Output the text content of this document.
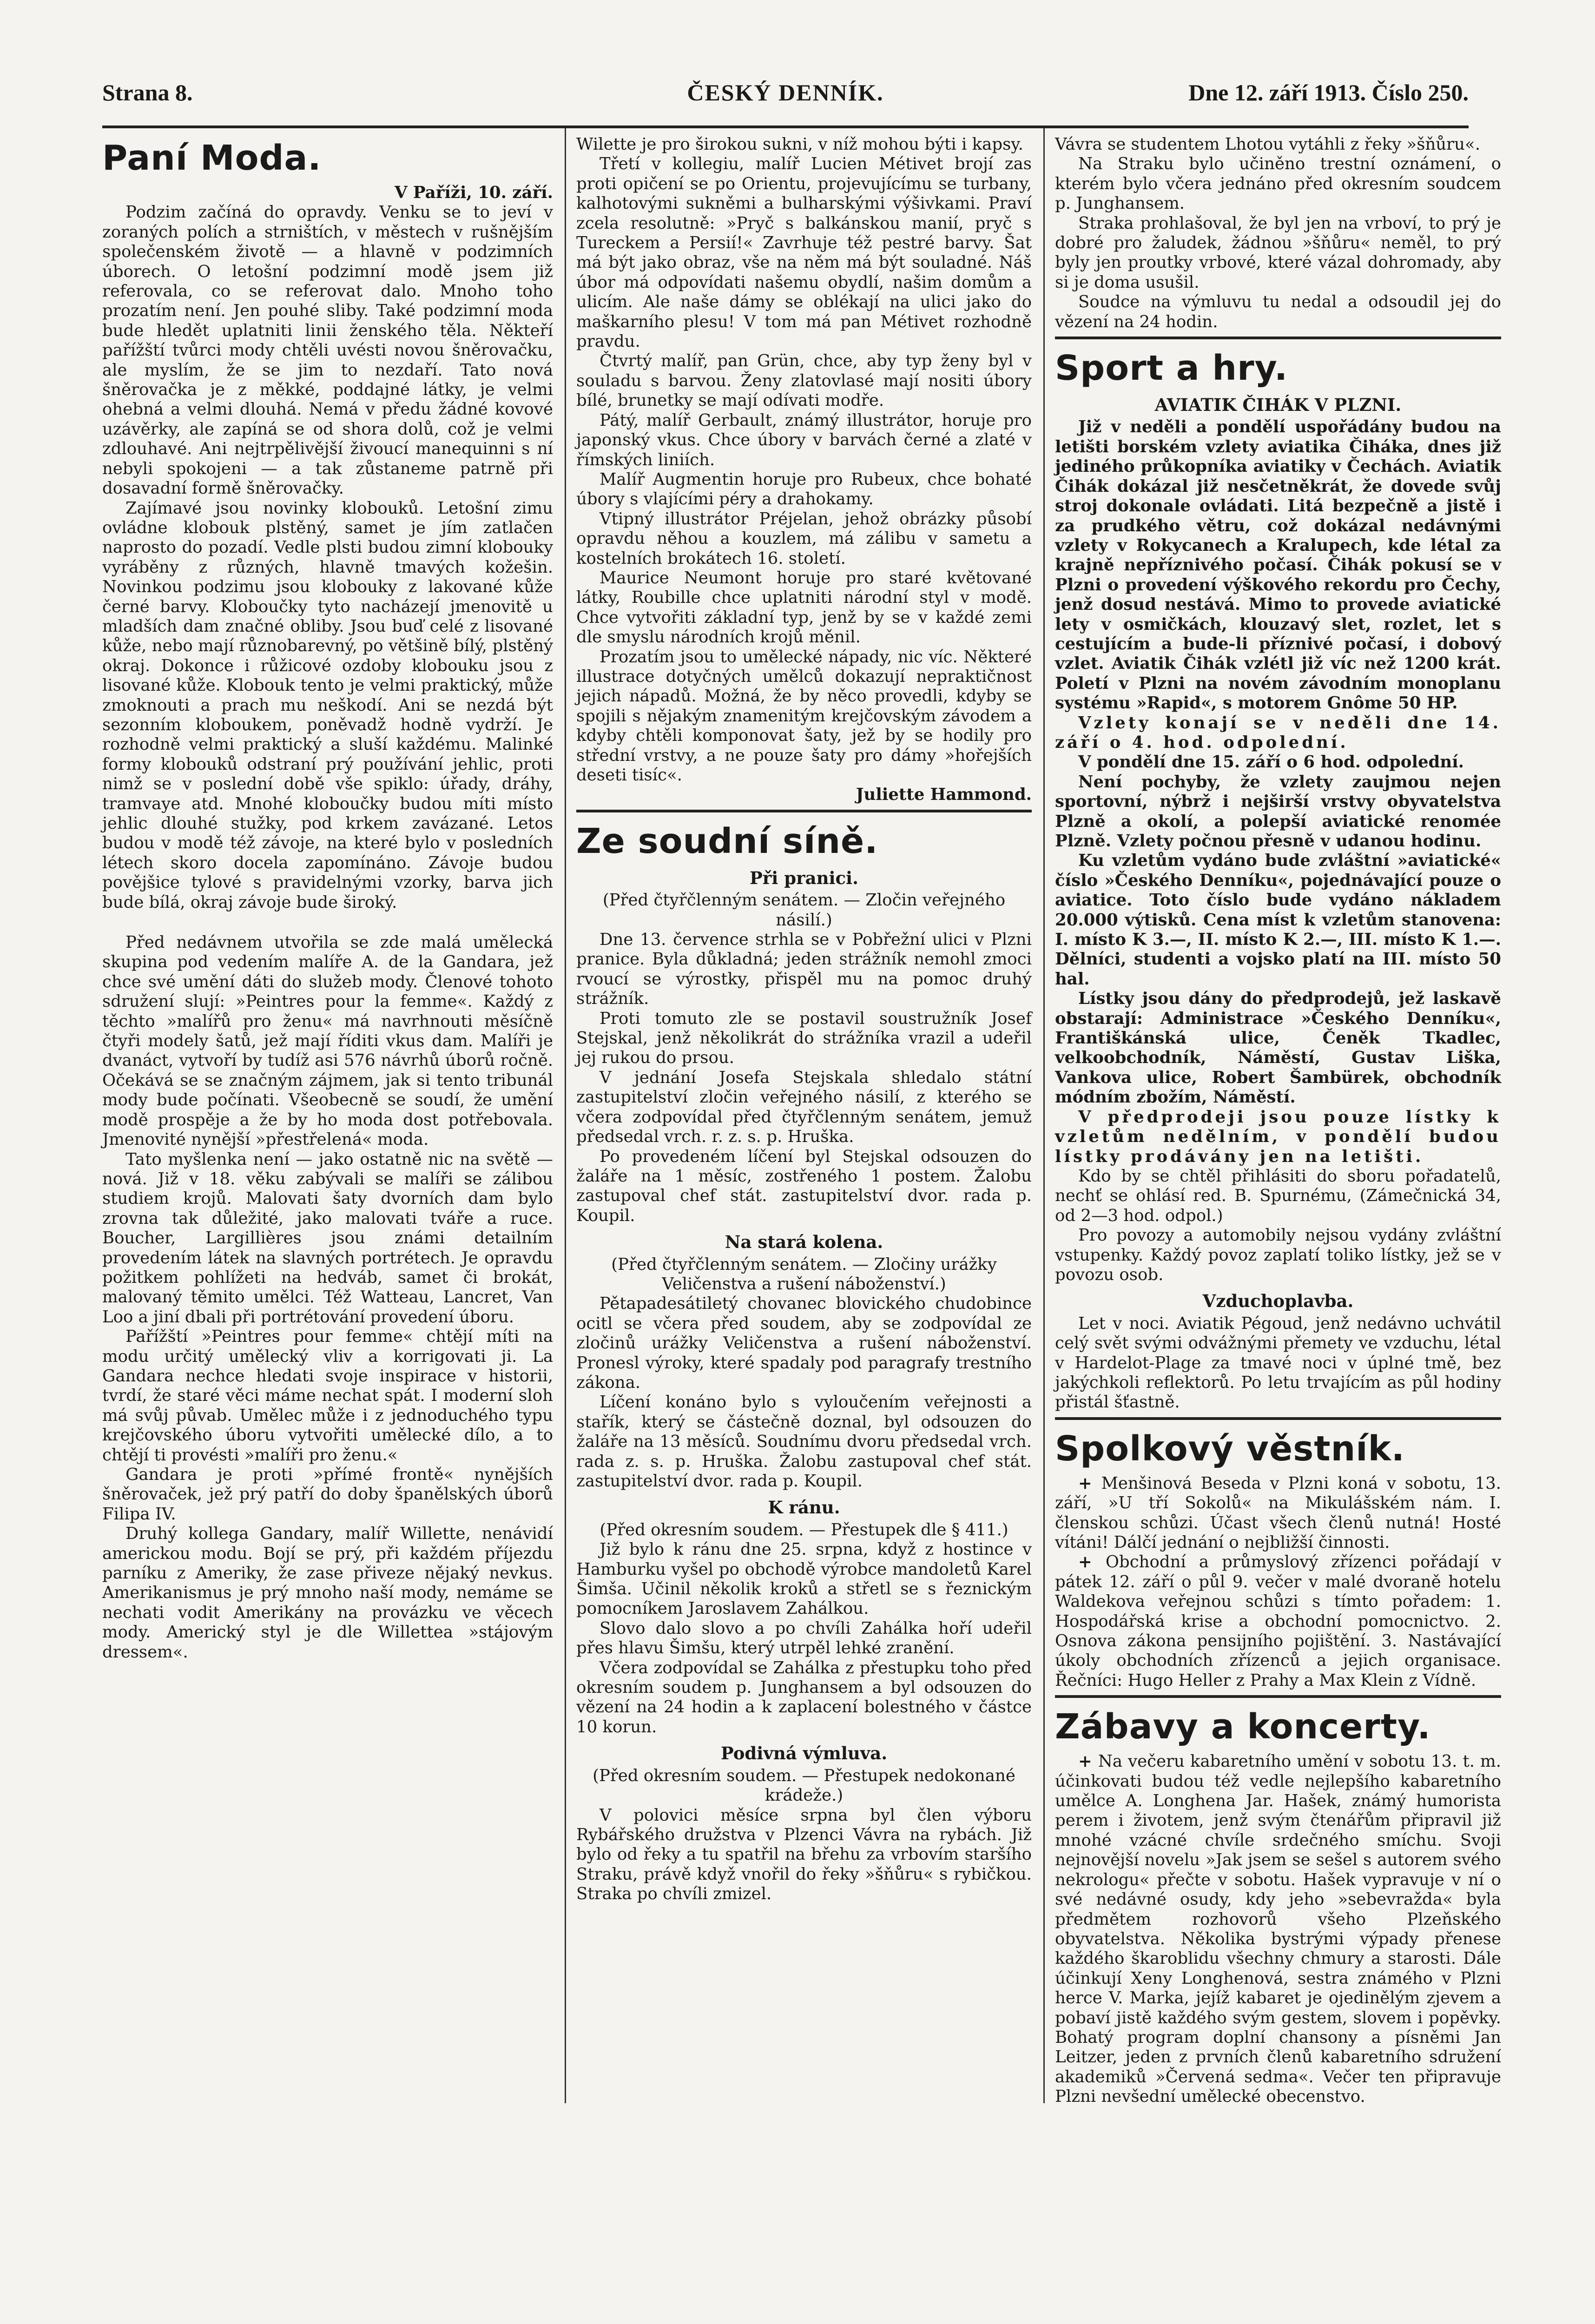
Strana 8.	ČESKÝ DENNÍK.	Dne 12. září 1913. Číslo 250.
Paní Moda.

V Paříži, 10. září.

Podzim začíná do opravdy. Venku se to jeví v zoraných polích a strništích, v městech v rušnějším společenském životě — a hlavně v podzimních úborech. O letošní podzimní modě jsem již referovala, co se referovat dalo. Mnoho toho prozatím není. Jen pouhé sliby. Také podzimní moda bude hledět uplatniti linii ženského těla. Někteří pařížští tvůrci mody chtěli uvésti novou šněrovačku, ale myslím, že se jim to nezdaří. Tato nová šněrovačka je z měkké, poddajné látky, je velmi ohebná a velmi dlouhá. Nemá v předu žádné kovové uzávěrky, ale zapíná se od shora dolů, což je velmi zdlouhavé. Ani nejtrpělivější živoucí manequinni s ní nebyli spokojeni — a tak zůstaneme patrně při dosavadní formě šněrovačky.

Zajímavé jsou novinky klobouků. Letošní zimu ovládne klobouk plstěný, samet je jím zatlačen naprosto do pozadí. Vedle plsti budou zimní klobouky vyráběny z různých, hlavně tmavých kožešin. Novinkou podzimu jsou klobouky z lakované kůže černé barvy. Kloboučky tyto nacházejí jmenovitě u mladších dam značné obliby. Jsou buď celé z lisované kůže, nebo mají různobarevný, po většině bílý, plstěný okraj. Dokonce i růžicové ozdoby klobouku jsou z lisované kůže. Klobouk tento je velmi praktický, může zmoknouti a prach mu neškodí. Ani se nezdá být sezonním kloboukem, poněvadž hodně vydrží. Je rozhodně velmi praktický a sluší každému. Malinké formy klobouků odstraní prý používání jehlic, proti nimž se v poslední době vše spiklo: úřady, dráhy, tramvaye atd. Mnohé kloboučky budou míti místo jehlic dlouhé stužky, pod krkem zavázané. Letos budou v modě též závoje, na které bylo v posledních létech skoro docela zapomínáno. Závoje budou povějšice tylové s pravidelnými vzorky, barva jich bude bílá, okraj závoje bude široký.

Před nedávnem utvořila se zde malá umělecká skupina pod vedením malíře A. de la Gandara, jež chce své umění dáti do služeb mody. Členové tohoto sdružení slují: »Peintres pour la femme«. Každý z těchto »malířů pro ženu« má navrhnouti měsíčně čtyři modely šatů, jež mají říditi vkus dam. Malíři je dvanáct, vytvoří by tudíž asi 576 návrhů úborů ročně. Očekává se se značným zájmem, jak si tento tribunál mody bude počínati. Všeobecně se soudí, že umění modě prospěje a že by ho moda dost potřebovala. Jmenovité nynější »přestřelená« moda.

Tato myšlenka není — jako ostatně nic na světě — nová. Již v 18. věku zabývali se malíři se zálibou studiem krojů. Malovati šaty dvorních dam bylo zrovna tak důležité, jako malovati tváře a ruce. Boucher, Largillières jsou známi detailním provedením látek na slavných portrétech. Je opravdu požitkem pohlížeti na hedváb, samet či brokát, malovaný těmito umělci. Též Watteau, Lancret, Van Loo a jiní dbali při portrétování provedení úboru.

Pařížští »Peintres pour femme« chtějí míti na modu určitý umělecký vliv a korrigovati ji. La Gandara nechce hledati svoje inspirace v historii, tvrdí, že staré věci máme nechat spát. I moderní sloh má svůj půvab. Umělec může i z jednoduchého typu krejčovského úboru vytvořiti umělecké dílo, a to chtějí ti provésti »malíři pro ženu.«

Gandara je proti »přímé frontě« nynějších šněrovaček, jež prý patří do doby španělských úborů Filipa IV.

Druhý kollega Gandary, malíř Willette, nenávidí americkou modu. Bojí se prý, při každém příjezdu parníku z Ameriky, že zase přiveze nějaký nevkus. Amerikanismus je prý mnoho naší mody, nemáme se nechati vodit Amerikány na provázku ve věcech mody. Americký styl je dle Willettea »stájovým dressem«.

Wilette je pro širokou sukni, v níž mohou býti i kapsy.

Třetí v kollegiu, malíř Lucien Métivet brojí zas proti opičení se po Orientu, projevujícímu se turbany, kalhotovými sukněmi a bulharskými výšivkami. Praví zcela resolutně: »Pryč s balkánskou manií, pryč s Tureckem a Persií!« Zavrhuje též pestré barvy. Šat má být jako obraz, vše na něm má být souladné. Náš úbor má odpovídati našemu obydlí, našim domům a ulicím. Ale naše dámy se oblékají na ulici jako do maškarního plesu! V tom má pan Métivet rozhodně pravdu.

Čtvrtý malíř, pan Grün, chce, aby typ ženy byl v souladu s barvou. Ženy zlatovlasé mají nositi úbory bílé, brunetky se mají odívati modře.

Pátý, malíř Gerbault, známý illustrátor, horuje pro japonský vkus. Chce úbory v barvách černé a zlaté v římských liniích.

Malíř Augmentin horuje pro Rubeux, chce bohaté úbory s vlajícími péry a drahokamy.

Vtipný illustrátor Préjelan, jehož obrázky působí opravdu něhou a kouzlem, má zálibu v sametu a kostelních brokátech 16. století.

Maurice Neumont horuje pro staré květované látky, Roubille chce uplatniti národní styl v modě. Chce vytvořiti základní typ, jenž by se v každé zemi dle smyslu národních krojů měnil.

Prozatím jsou to umělecké nápady, nic víc. Některé illustrace dotyčných umělců dokazují nepraktičnost jejich nápadů. Možná, že by něco provedli, kdyby se spojili s nějakým znamenitým krejčovským závodem a kdyby chtěli komponovat šaty, jež by se hodily pro střední vrstvy, a ne pouze šaty pro dámy »hořejších deseti tisíc«.

Juliette Hammond.

Ze soudní síně.
Při pranici.

(Před čtyřčlenným senátem. — Zločin veřejného násilí.)

Dne 13. července strhla se v Pobřežní ulici v Plzni pranice. Byla důkladná; jeden strážník nemohl zmoci rvoucí se výrostky, přispěl mu na pomoc druhý strážník.

Proti tomuto zle se postavil soustružník Josef Stejskal, jenž několikrát do strážníka vrazil a udeřil jej rukou do prsou.

V jednání Josefa Stejskala shledalo státní zastupitelství zločin veřejného násilí, z kterého se včera zodpovídal před čtyřčlenným senátem, jemuž předsedal vrch. r. z. s. p. Hruška.

Po provedeném líčení byl Stejskal odsouzen do žaláře na 1 měsíc, zostřeného 1 postem. Žalobu zastupoval chef stát. zastupitelství dvor. rada p. Koupil.

Na stará kolena.

(Před čtyřčlenným senátem. — Zločiny urážky Veličenstva a rušení náboženství.)

Pětapadesátiletý chovanec blovického chudobince ocitl se včera před soudem, aby se zodpovídal ze zločinů urážky Veličenstva a rušení náboženství. Pronesl výroky, které spadaly pod paragrafy trestního zákona.

Líčení konáno bylo s vyloučením veřejnosti a stařík, který se částečně doznal, byl odsouzen do žaláře na 13 měsíců. Soudnímu dvoru předsedal vrch. rada z. s. p. Hruška. Žalobu zastupoval chef stát. zastupitelství dvor. rada p. Koupil.

K ránu.

(Před okresním soudem. — Přestupek dle § 411.)

Již bylo k ránu dne 25. srpna, když z hostince v Hamburku vyšel po obchodě výrobce mandoletů Karel Šimša. Učinil několik kroků a střetl se s řeznickým pomocníkem Jaroslavem Zahálkou.

Slovo dalo slovo a po chvíli Zahálka hoří udeřil přes hlavu Šimšu, který utrpěl lehké zranění.

Včera zodpovídal se Zahálka z přestupku toho před okresním soudem p. Junghansem a byl odsouzen do vězení na 24 hodin a k zaplacení bolestného v částce 10 korun.

Podivná výmluva.

(Před okresním soudem. — Přestupek nedokonané krádeže.)

V polovici měsíce srpna byl člen výboru Rybářského družstva v Plzenci Vávra na rybách. Již bylo od řeky a tu spatřil na břehu za vrbovím staršího Straku, právě když vnořil do řeky »šňůru« s rybičkou. Straka po chvíli zmizel.

Vávra se studentem Lhotou vytáhli z řeky »šňůru«.

Na Straku bylo učiněno trestní oznámení, o kterém bylo včera jednáno před okresním soudcem p. Junghansem.

Straka prohlašoval, že byl jen na vrboví, to prý je dobré pro žaludek, žádnou »šňůru« neměl, to prý byly jen proutky vrbové, které vázal dohromady, aby si je doma usušil.

Soudce na výmluvu tu nedal a odsoudil jej do vězení na 24 hodin.

Sport a hry.
AVIATIK ČIHÁK V PLZNI.

Již v neděli a pondělí uspořádány budou na letišti borském vzlety aviatika Čiháka, dnes již jediného průkopníka aviatiky v Čechách. Aviatik Čihák dokázal již nesčetněkrát, že dovede svůj stroj dokonale ovládati. Litá bezpečně a jistě i za prudkého větru, což dokázal nedávnými vzlety v Rokycanech a Kralupech, kde létal za krajně nepříznivého počasí. Čihák pokusí se v Plzni o provedení výškového rekordu pro Čechy, jenž dosud nestává. Mimo to provede aviatické lety v osmičkách, klouzavý slet, rozlet, let s cestujícím a bude-li příznivé počasí, i dobový vzlet. Aviatik Čihák vzlétl již víc než 1200 krát. Poletí v Plzni na novém závodním monoplanu systému »Rapid«, s motorem Gnôme 50 HP.

Vzlety konají se v neděli dne 14. září o 4. hod. odpolední.

V pondělí dne 15. září o 6 hod. odpolední.

Není pochyby, že vzlety zaujmou nejen sportovní, nýbrž i nejširší vrstvy obyvatelstva Plzně a okolí, a polepší aviatické renomée Plzně. Vzlety počnou přesně v udanou hodinu.

Ku vzletům vydáno bude zvláštní »aviatické« číslo »Českého Denníku«, pojednávající pouze o aviatice. Toto číslo bude vydáno nákladem 20.000 výtisků. Cena míst k vzletům stanovena: I. místo K 3.—, II. místo K 2.—, III. místo K 1.—. Dělníci, studenti a vojsko platí na III. místo 50 hal.

Lístky jsou dány do předprodejů, jež laskavě obstarají: Administrace »Českého Denníku«, Františkánská ulice, Čeněk Tkadlec, velkoobchodník, Náměstí, Gustav Liška, Vankova ulice, Robert Šambürek, obchodník módním zbožím, Náměstí.

V předprodeji jsou pouze lístky k vzletům nedělním, v pondělí budou lístky prodávány jen na letišti.

Kdo by se chtěl přihlásiti do sboru pořadatelů, nechť se ohlásí red. B. Spurnému, (Zámečnická 34, od 2—3 hod. odpol.)

Pro povozy a automobily nejsou vydány zvláštní vstupenky. Každý povoz zaplatí toliko lístky, jež se v povozu osob.

Vzduchoplavba.

Let v noci. Aviatik Pégoud, jenž nedávno uchvátil celý svět svými odvážnými přemety ve vzduchu, létal v Hardelot-Plage za tmavé noci v úplné tmě, bez jakýchkoli reflektorů. Po letu trvajícím as půl hodiny přistál šťastně.

Spolkový věstník.

+ Menšinová Beseda v Plzni koná v sobotu, 13. září, »U tří Sokolů« na Mikulášském nám. I. členskou schůzi. Účast všech členů nutná! Hosté vítáni! Dálčí jednání o nejbližší činnosti.

+ Obchodní a průmyslový zřízenci pořádají v pátek 12. září o půl 9. večer v malé dvoraně hotelu Waldekova veřejnou schůzi s tímto pořadem: 1. Hospodářská krise a obchodní pomocnictvo. 2. Osnova zákona pensijního pojištění. 3. Nastávající úkoly obchodních zřízenců a jejich organisace. Řečníci: Hugo Heller z Prahy a Max Klein z Vídně.

Zábavy a koncerty.

+ Na večeru kabaretního umění v sobotu 13. t. m. účinkovati budou též vedle nejlepšího kabaretního umělce A. Longhena Jar. Hašek, známý humorista perem i životem, jenž svým čtenářům připravil již mnohé vzácné chvíle srdečného smíchu. Svoji nejnovější novelu »Jak jsem se sešel s autorem svého nekrologu« přečte v sobotu. Hašek vypravuje v ní o své nedávné osudy, kdy jeho »sebevražda« byla předmětem rozhovorů všeho Plzeňského obyvatelstva. Několika bystrými výpady přenese každého škaroblidu všechny chmury a starosti. Dále účinkují Xeny Longhenová, sestra známého v Plzni herce V. Marka, jejíž kabaret je ojedinělým zjevem a pobaví jistě každého svým gestem, slovem i popěvky. Bohatý program doplní chansony a písněmi Jan Leitzer, jeden z prvních členů kabaretního sdružení akademiků »Červená sedma«. Večer ten připravuje Plzni nevšední umělecké obecenstvo.
